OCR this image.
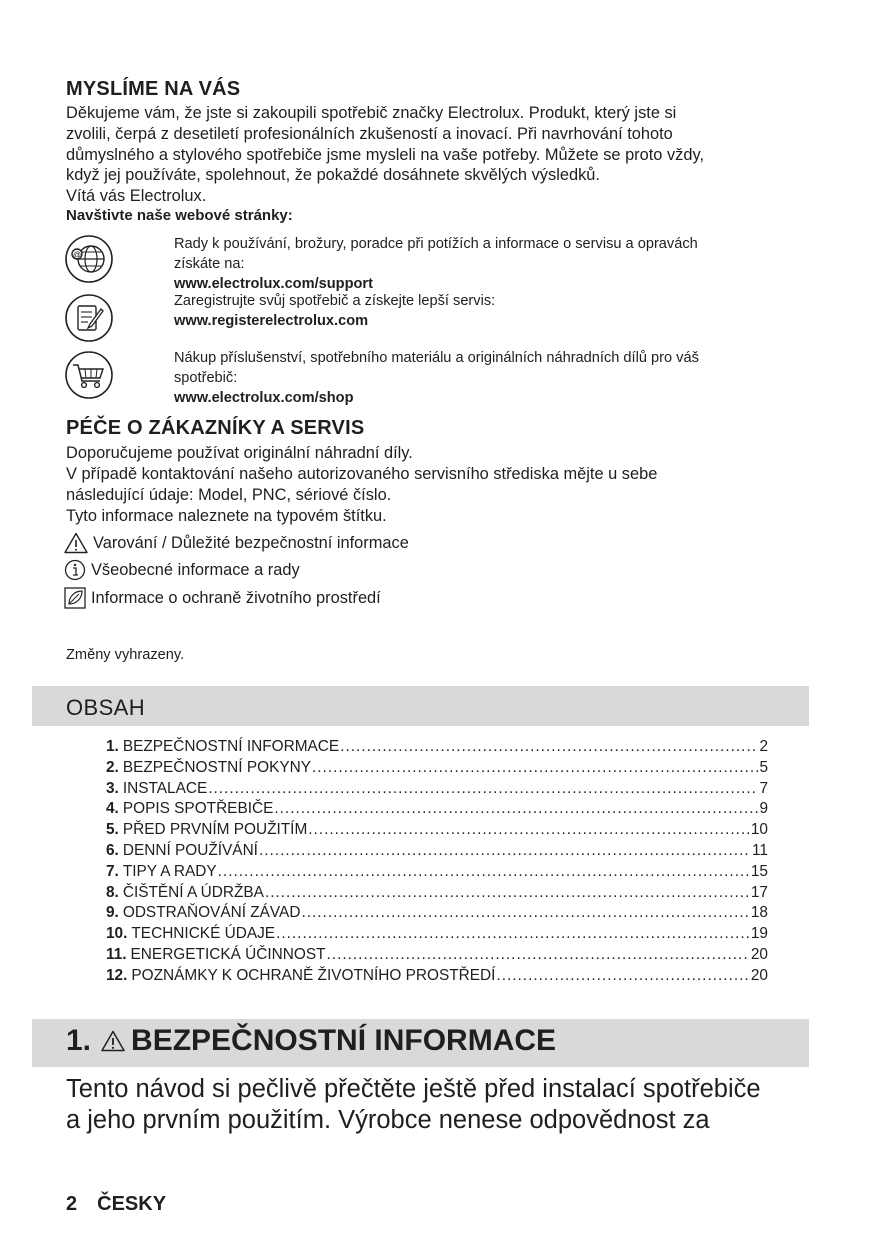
MYSLÍME NA VÁS
Děkujeme vám, že jste si zakoupili spotřebič značky Electrolux. Produkt, který jste si
zvolili, čerpá z desetiletí profesionálních zkušeností a inovací. Při navrhování tohoto
důmyslného a stylového spotřebiče jsme mysleli na vaše potřeby. Můžete se proto vždy,
když jej používáte, spolehnout, že pokaždé dosáhnete skvělých výsledků.
Vítá vás Electrolux.
Navštivte naše webové stránky:
@
Rady k používání, brožury, poradce při potížích a informace o servisu a opravách
získáte na:
www.electrolux.com/support
Zaregistrujte svůj spotřebič a získejte lepší servis:
www.registerelectrolux.com
Nákup příslušenství, spotřebního materiálu a originálních náhradních dílů pro váš
spotřebič:
www.electrolux.com/shop
PÉČE O ZÁKAZNÍKY A SERVIS
Doporučujeme používat originální náhradní díly.
V případě kontaktování našeho autorizovaného servisního střediska mějte u sebe
následující údaje: Model, PNC, sériové číslo.
Tyto informace naleznete na typovém štítku.
Varování / Důležité bezpečnostní informace
Všeobecné informace a rady
Informace o ochraně životního prostředí
Změny vyhrazeny.
OBSAH
1. BEZPEČNOSTNÍ INFORMACE .....	2
2. BEZPEČNOSTNÍ POKYNY .....	5
3. INSTALACE .....	7
4. POPIS SPOTŘEBIČE .....	9
5. PŘED PRVNÍM POUŽITÍM .....	10
6. DENNÍ POUŽÍVÁNÍ .....	11
7. TIPY A RADY .....	15
8. ČIŠTĚNÍ A ÚDRŽBA .....	17
9. ODSTRAŇOVÁNÍ ZÁVAD .....	18
10. TECHNICKÉ ÚDAJE .....	19
11. ENERGETICKÁ ÚČINNOST .....	20
12. POZNÁMKY K OCHRANĚ ŽIVOTNÍHO PROSTŘEDÍ .....	20
1. BEZPEČNOSTNÍ INFORMACE
Tento návod si pečlivě přečtěte ještě před instalací spotřebiče
a jeho prvním použitím. Výrobce nenese odpovědnost za
2 ČESKY
